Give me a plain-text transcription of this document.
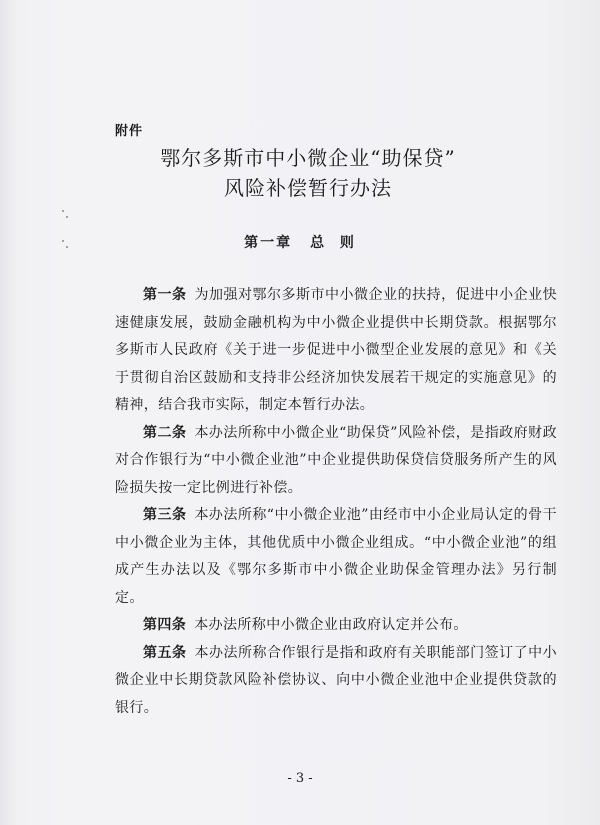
附件
鄂尔多斯市中小微企业“助保贷”
风险补偿暂行办法
第一章 总  则

第一条 为加强对鄂尔多斯市中小微企业的扶持，促进中小企业快速健康发展，鼓励金融机构为中小微企业提供中长期贷款。根据鄂尔多斯市人民政府《关于进一步促进中小微型企业发展的意见》和《关于贯彻自治区鼓励和支持非公经济加快发展若干规定的实施意见》的精神，结合我市实际，制定本暂行办法。

第二条 本办法所称中小微企业“助保贷”风险补偿，是指政府财政对合作银行为“中小微企业池”中企业提供助保贷信贷服务所产生的风险损失按一定比例进行补偿。

第三条 本办法所称“中小微企业池”由经市中小企业局认定的骨干中小微企业为主体，其他优质中小微企业组成。“中小微企业池”的组成产生办法以及《鄂尔多斯市中小微企业助保金管理办法》另行制定。

第四条 本办法所称中小微企业由政府认定并公布。

第五条 本办法所称合作银行是指和政府有关职能部门签订了中小微企业中长期贷款风险补偿协议、向中小微企业池中企业提供贷款的银行。

- 3 -
